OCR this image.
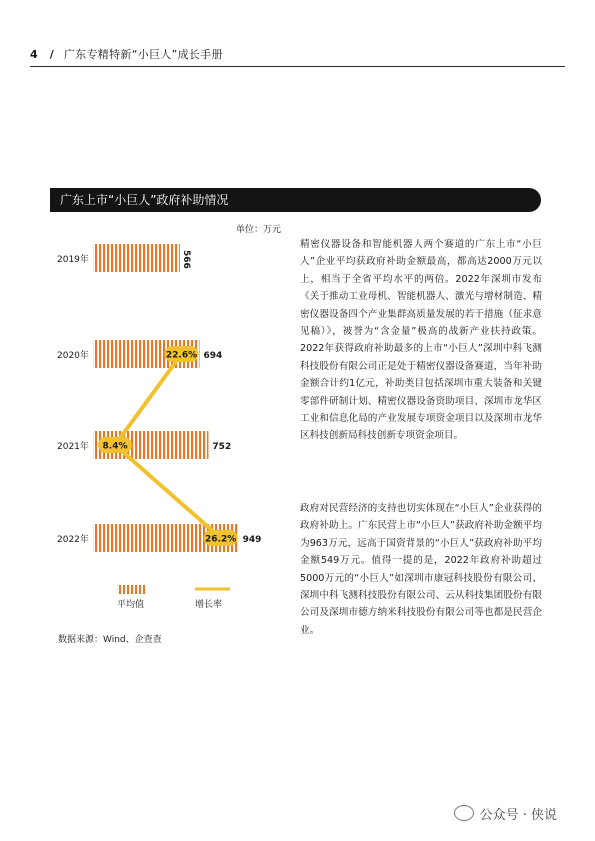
4 / 广东专精特新“小巨人”成长手册
广东上市“小巨人”政府补助情况
单位：万元
2019年	566
2020年	694
2021年	752
2022年	949
22.6%
8.4%
26.2%
平均值	增长率
数据来源：Wind、企查查

精密仪器设备和智能机器人两个赛道的广东上市“小巨人”企业平均获政府补助金额最高，都高达2000万元以上，相当于全省平均水平的两倍。2022年深圳市发布《关于推动工业母机、智能机器人、激光与增材制造、精密仪器设备四个产业集群高质量发展的若干措施（征求意见稿）》，被誉为“含金量”极高的战新产业扶持政策。2022年获得政府补助最多的上市“小巨人”深圳中科飞测科技股份有限公司正是处于精密仪器设备赛道，当年补助金额合计约1亿元，补助类目包括深圳市重大装备和关键零部件研制计划、精密仪器设备资助项目、深圳市龙华区工业和信息化局的产业发展专项资金项目以及深圳市龙华区科技创新局科技创新专项资金项目。

政府对民营经济的支持也切实体现在“小巨人”企业获得的政府补助上。广东民营上市“小巨人”获政府补助金额平均为963万元，远高于国资背景的“小巨人”获政府补助平均金额549万元。值得一提的是，2022年政府补助超过5000万元的“小巨人”如深圳市康冠科技股份有限公司、深圳中科飞测科技股份有限公司、云从科技集团股份有限公司及深圳市德方纳米科技股份有限公司等也都是民营企业。

公众号 · 侠说
